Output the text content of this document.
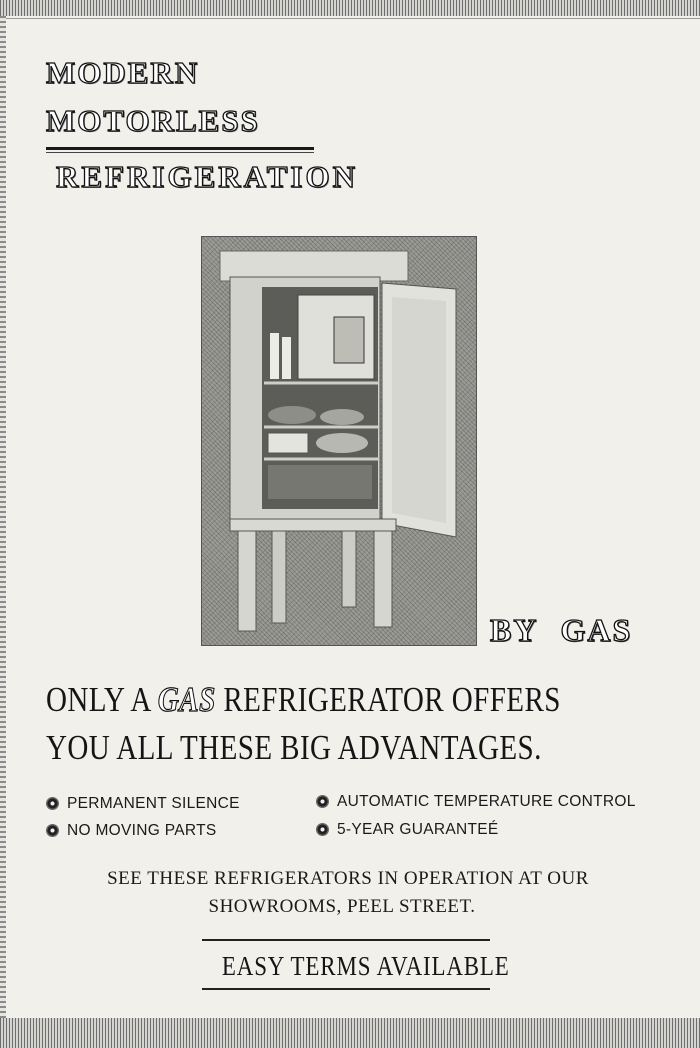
MODERN
MOTORLESS
REFRIGERATION
BY GAS
ONLY A GAS REFRIGERATOR OFFERS
YOU ALL THESE BIG ADVANTAGES.
PERMANENT SILENCE
NO MOVING PARTS
AUTOMATIC TEMPERATURE CONTROL
5-YEAR GUARANTEÉ
SEE THESE REFRIGERATORS IN OPERATION AT OUR
SHOWROOMS, PEEL STREET.
EASY TERMS AVAILABLE
